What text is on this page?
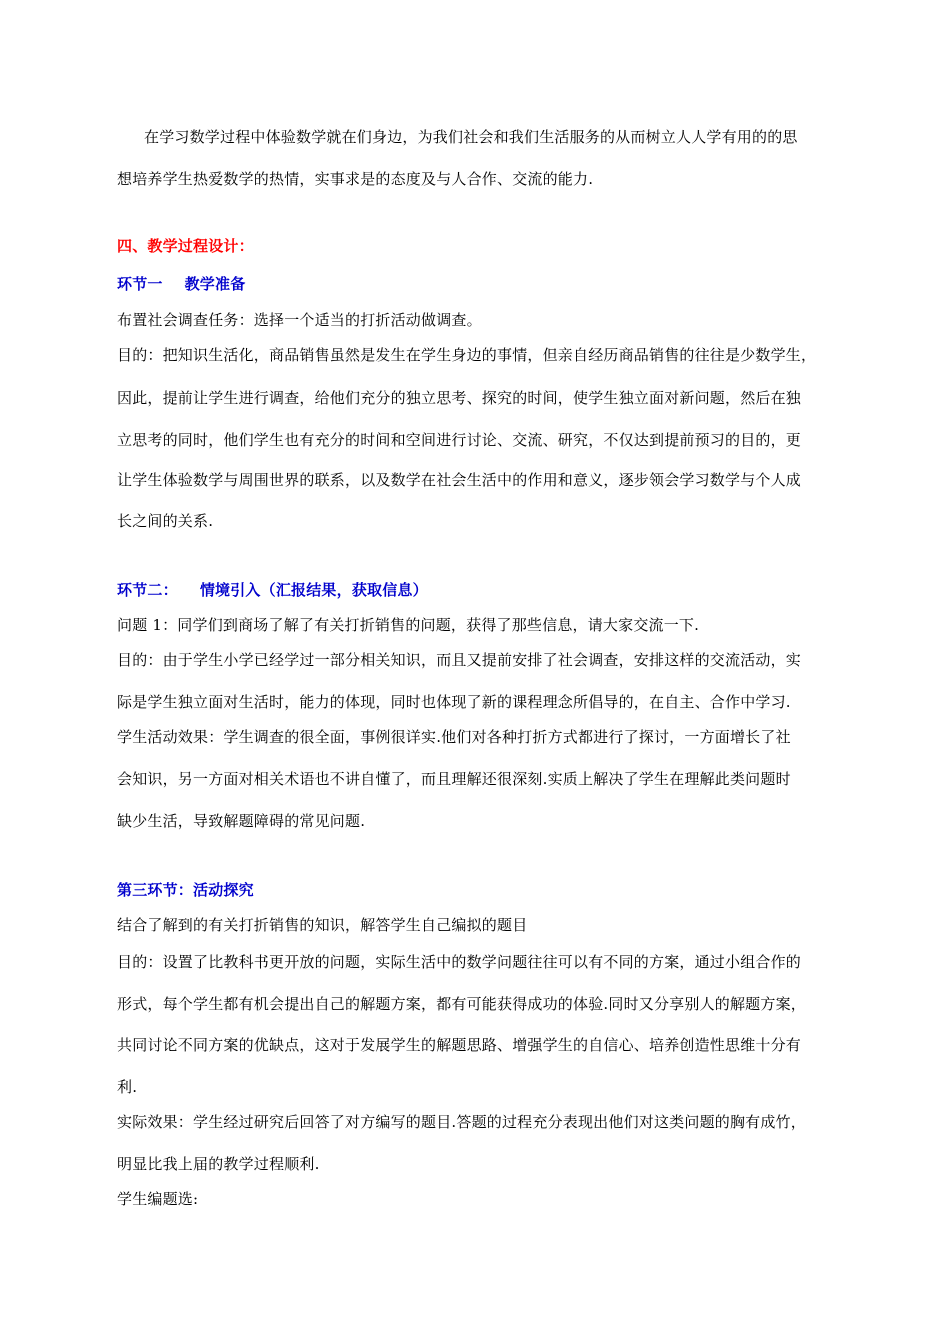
在学习数学过程中体验数学就在们身边，为我们社会和我们生活服务的从而树立人人学有用的的思
想培养学生热爱数学的热情，实事求是的态度及与人合作、交流的能力.
四、教学过程设计：
环节一 教学准备
布置社会调查任务：选择一个适当的打折活动做调查。
目的：把知识生活化，商品销售虽然是发生在学生身边的事情，但亲自经历商品销售的往往是少数学生，
因此，提前让学生进行调查，给他们充分的独立思考、探究的时间，使学生独立面对新问题，然后在独
立思考的同时，他们学生也有充分的时间和空间进行讨论、交流、研究，不仅达到提前预习的目的，更
让学生体验数学与周围世界的联系，以及数学在社会生活中的作用和意义，逐步领会学习数学与个人成
长之间的关系.
环节二： 情境引入（汇报结果，获取信息）
问题 1：同学们到商场了解了有关打折销售的问题，获得了那些信息，请大家交流一下.
目的：由于学生小学已经学过一部分相关知识，而且又提前安排了社会调查，安排这样的交流活动，实
际是学生独立面对生活时，能力的体现，同时也体现了新的课程理念所倡导的，在自主、合作中学习.
学生活动效果：学生调查的很全面，事例很详实.他们对各种打折方式都进行了探讨，一方面增长了社
会知识，另一方面对相关术语也不讲自懂了，而且理解还很深刻.实质上解决了学生在理解此类问题时
缺少生活，导致解题障碍的常见问题.
第三环节：活动探究
结合了解到的有关打折销售的知识，解答学生自己编拟的题目
目的：设置了比教科书更开放的问题，实际生活中的数学问题往往可以有不同的方案，通过小组合作的
形式，每个学生都有机会提出自己的解题方案，都有可能获得成功的体验.同时又分享别人的解题方案，
共同讨论不同方案的优缺点，这对于发展学生的解题思路、增强学生的自信心、培养创造性思维十分有
利.
实际效果：学生经过研究后回答了对方编写的题目.答题的过程充分表现出他们对这类问题的胸有成竹，
明显比我上届的教学过程顺利.
学生编题选:
